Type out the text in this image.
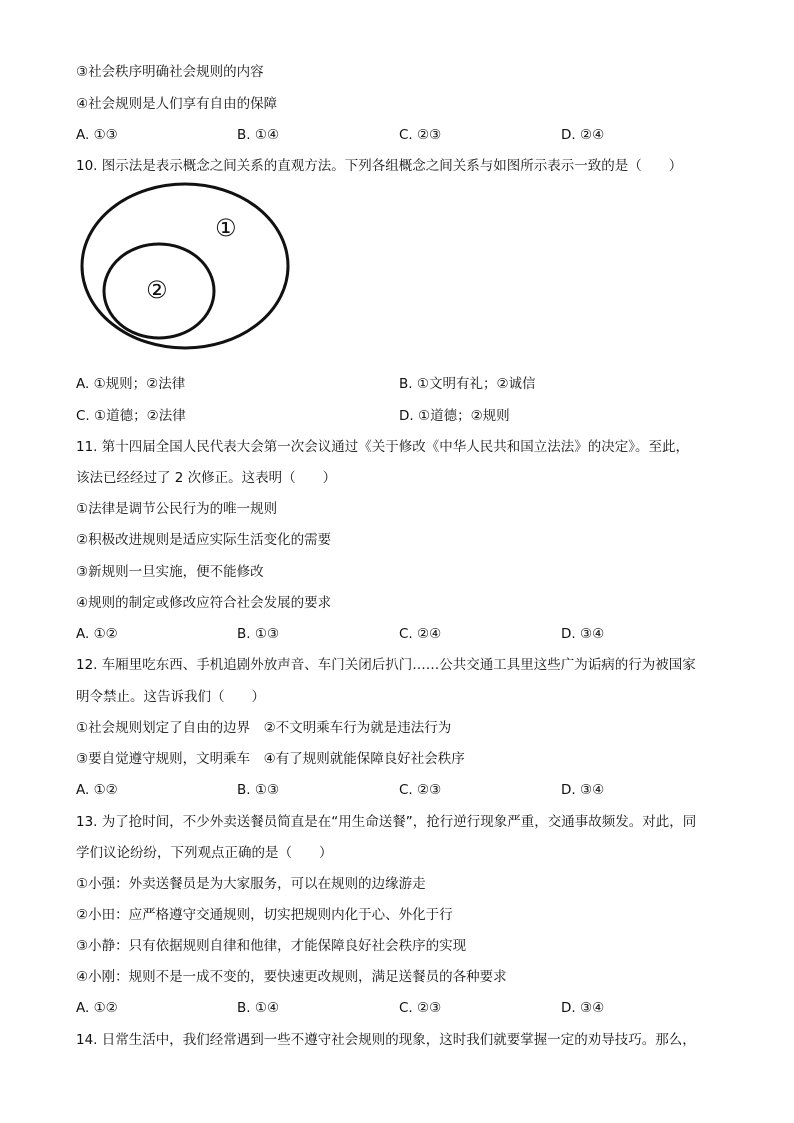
③社会秩序明确社会规则的内容
④社会规则是人们享有自由的保障
A. ①③	B. ①④	C. ②③	D. ②④
10. 图示法是表示概念之间关系的直观方法。下列各组概念之间关系与如图所示表示一致的是（　　）
①
②
A. ①规则；②法律	B. ①文明有礼；②诚信
C. ①道德；②法律	D. ①道德；②规则
11. 第十四届全国人民代表大会第一次会议通过《关于修改《中华人民共和国立法法》的决定》。至此，
该法已经经过了 2 次修正。这表明（　　）
①法律是调节公民行为的唯一规则
②积极改进规则是适应实际生活变化的需要
③新规则一旦实施，便不能修改
④规则的制定或修改应符合社会发展的要求
A. ①②	B. ①③	C. ②④	D. ③④
12. 车厢里吃东西、手机追剧外放声音、车门关闭后扒门……公共交通工具里这些广为诟病的行为被国家
明令禁止。这告诉我们（　　）
①社会规则划定了自由的边界　②不文明乘车行为就是违法行为
③要自觉遵守规则，文明乘车　④有了规则就能保障良好社会秩序
A. ①②	B. ①③	C. ②③	D. ③④
13. 为了抢时间，不少外卖送餐员简直是在“用生命送餐”，抢行逆行现象严重，交通事故频发。对此，同
学们议论纷纷，下列观点正确的是（　　）
①小强：外卖送餐员是为大家服务，可以在规则的边缘游走
②小田：应严格遵守交通规则，切实把规则内化于心、外化于行
③小静：只有依据规则自律和他律，才能保障良好社会秩序的实现
④小刚：规则不是一成不变的，要快速更改规则，满足送餐员的各种要求
A. ①②	B. ①④	C. ②③	D. ③④
14. 日常生活中，我们经常遇到一些不遵守社会规则的现象，这时我们就要掌握一定的劝导技巧。那么，
